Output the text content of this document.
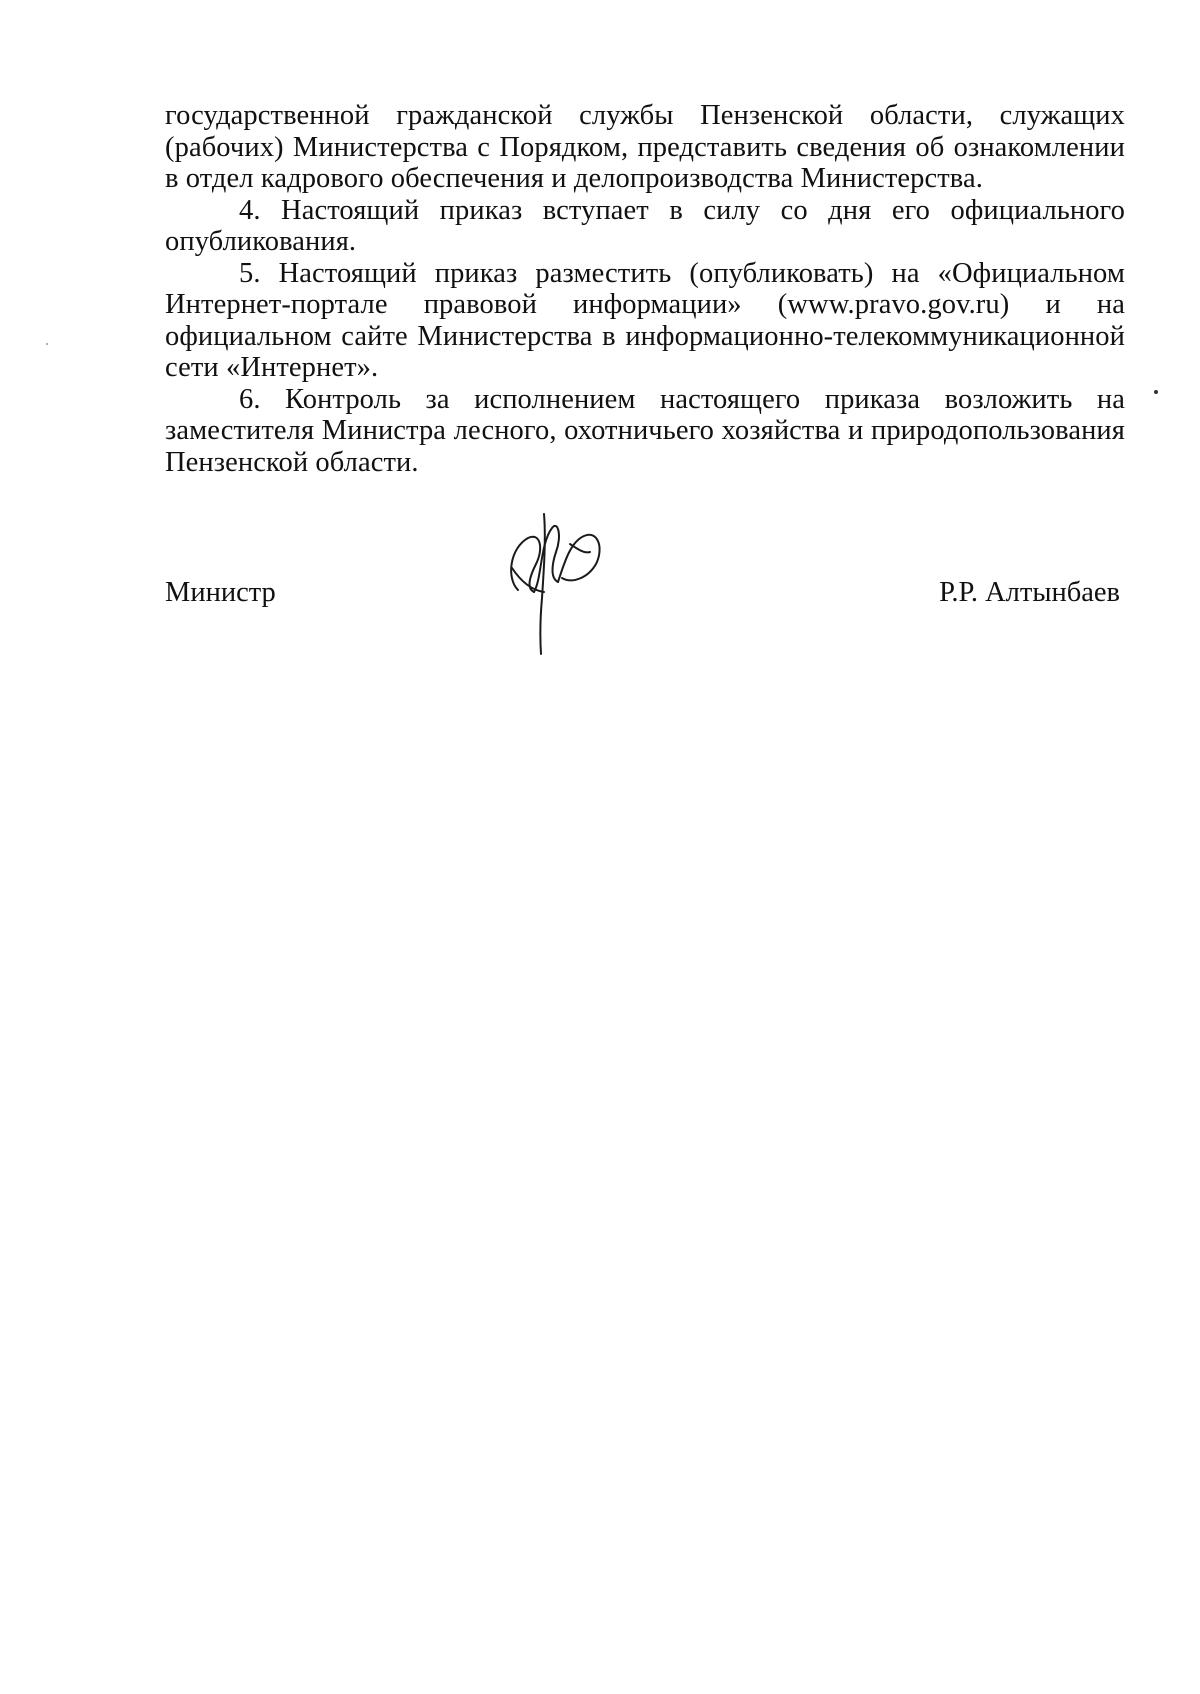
государственной гражданской службы Пензенской области, служащих (рабочих) Министерства с Порядком, представить сведения об ознакомлении в отдел кадрового обеспечения и делопроизводства Министерства.

4. Настоящий приказ вступает в силу со дня его официального опубликования.

5. Настоящий приказ разместить (опубликовать) на «Официальном Интернет-портале правовой информации» (www.pravo.gov.ru) и на официальном сайте Министерства в информационно-телекоммуникационной сети «Интернет».

6. Контроль за исполнением настоящего приказа возложить на заместителя Министра лесного, охотничьего хозяйства и природопользования Пензенской области.

Министр	Р.Р. Алтынбаев
